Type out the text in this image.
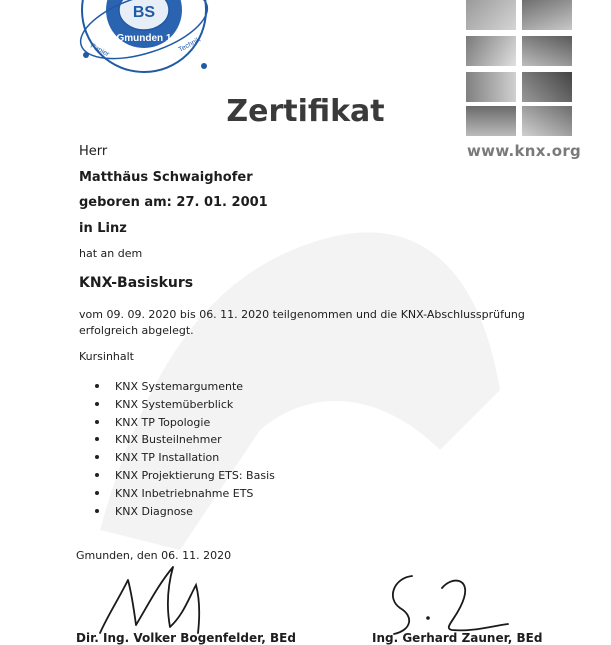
BS
Gmunden 1
Papier	Technik
www.knx.org
Zertifikat
Herr
Matthäus Schwaighofer
geboren am: 27. 01. 2001
in Linz
hat an dem
KNX-Basiskurs
vom 09. 09. 2020 bis 06. 11. 2020 teilgenommen und die KNX-Abschlussprüfung erfolgreich abgelegt.
Kursinhalt
KNX Systemargumente
KNX Systemüberblick
KNX TP Topologie
KNX Busteilnehmer
KNX TP Installation
KNX Projektierung ETS: Basis
KNX Inbetriebnahme ETS
KNX Diagnose
Gmunden, den 06. 11. 2020
Dir. Ing. Volker Bogenfelder, BEd	Ing. Gerhard Zauner, BEd
